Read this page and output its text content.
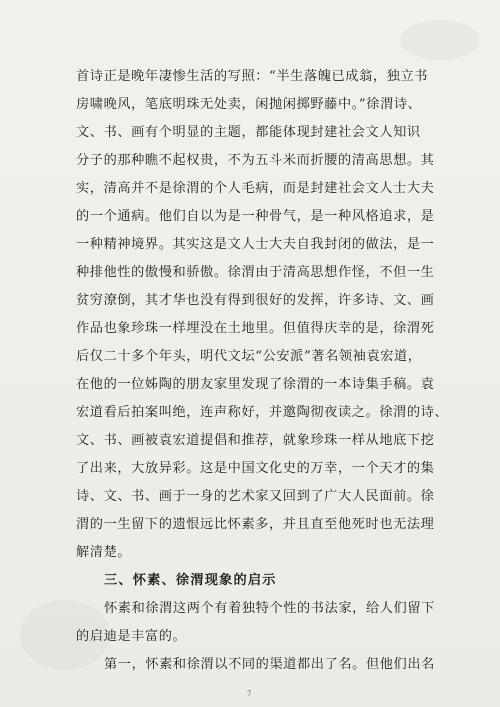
首诗正是晚年凄惨生活的写照：“半生落魄已成翁，独立书
房啸晚风，笔底明珠无处卖，闲抛闲掷野藤中。”徐渭诗、
文、书、画有个明显的主题，都能体现封建社会文人知识
分子的那种瞧不起权贵，不为五斗米而折腰的清高思想。其
实，清高并不是徐渭的个人毛病，而是封建社会文人士大夫
的一个通病。他们自以为是一种骨气，是一种风格追求，是
一种精神境界。其实这是文人士大夫自我封闭的做法，是一
种排他性的傲慢和骄傲。徐渭由于清高思想作怪，不但一生
贫穷潦倒，其才华也没有得到很好的发挥，许多诗、文、画
作品也象珍珠一样埋没在土地里。但值得庆幸的是，徐渭死
后仅二十多个年头，明代文坛“公安派”著名领袖袁宏道，
在他的一位姊陶的朋友家里发现了徐渭的一本诗集手稿。袁
宏道看后拍案叫绝，连声称好，并邀陶彻夜读之。徐渭的诗、
文、书、画被袁宏道提倡和推荐，就象珍珠一样从地底下挖
了出来，大放异彩。这是中国文化史的万幸，一个天才的集
诗、文、书、画于一身的艺术家又回到了广大人民面前。徐
渭的一生留下的遗恨远比怀素多，并且直至他死时也无法理
解清楚。
三、怀素、徐渭现象的启示
怀素和徐渭这两个有着独特个性的书法家，给人们留下
的启迪是丰富的。
第一，怀素和徐渭以不同的渠道都出了名。但他们出名
7
